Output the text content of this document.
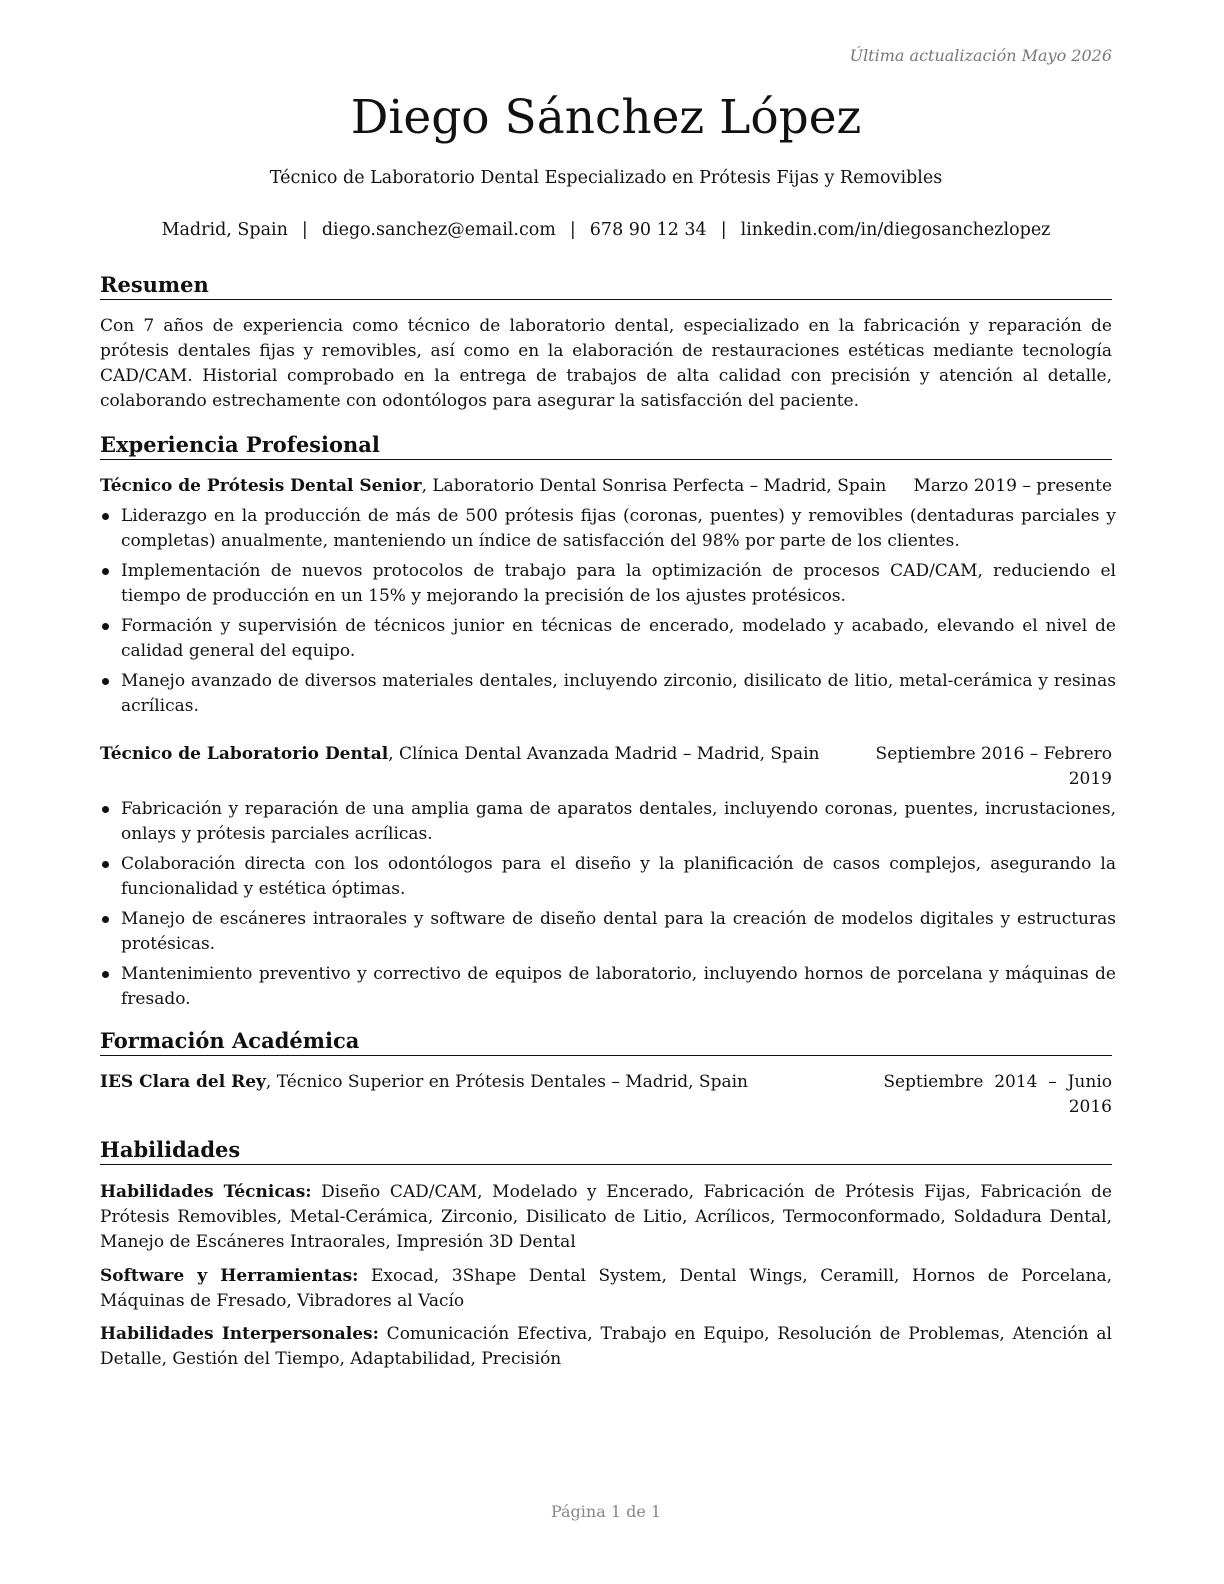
Última actualización Mayo 2026
Diego Sánchez López
Técnico de Laboratorio Dental Especializado en Prótesis Fijas y Removibles
Madrid, Spain | diego.sanchez@email.com | 678 90 12 34 | linkedin.com/in/diegosanchezlopez
Resumen
Con 7 años de experiencia como técnico de laboratorio dental, especializado en la fabricación y reparación de prótesis dentales fijas y removibles, así como en la elaboración de restauraciones estéticas mediante tecnología CAD/CAM. Historial comprobado en la entrega de trabajos de alta calidad con precisión y atención al detalle, colaborando estrechamente con odontólogos para asegurar la satisfacción del paciente.
Experiencia Profesional
Técnico de Prótesis Dental Senior, Laboratorio Dental Sonrisa Perfecta – Madrid, Spain Marzo 2019 – presente
Liderazgo en la producción de más de 500 prótesis fijas (coronas, puentes) y removibles (dentaduras parciales y completas) anualmente, manteniendo un índice de satisfacción del 98% por parte de los clientes.
Implementación de nuevos protocolos de trabajo para la optimización de procesos CAD/CAM, reduciendo el tiempo de producción en un 15% y mejorando la precisión de los ajustes protésicos.
Formación y supervisión de técnicos junior en técnicas de encerado, modelado y acabado, elevando el nivel de calidad general del equipo.
Manejo avanzado de diversos materiales dentales, incluyendo zirconio, disilicato de litio, metal-cerámica y resinas acrílicas.
Técnico de Laboratorio Dental, Clínica Dental Avanzada Madrid – Madrid, Spain	Septiembre 2016 – Febrero
2019
Fabricación y reparación de una amplia gama de aparatos dentales, incluyendo coronas, puentes, incrustaciones, onlays y prótesis parciales acrílicas.
Colaboración directa con los odontólogos para el diseño y la planificación de casos complejos, asegurando la funcionalidad y estética óptimas.
Manejo de escáneres intraorales y software de diseño dental para la creación de modelos digitales y estructuras protésicas.
Mantenimiento preventivo y correctivo de equipos de laboratorio, incluyendo hornos de porcelana y máquinas de fresado.
Formación Académica
IES Clara del Rey, Técnico Superior en Prótesis Dentales – Madrid, Spain	Septiembre  2014  –  Junio
2016
Habilidades
Habilidades Técnicas: Diseño CAD/CAM, Modelado y Encerado, Fabricación de Prótesis Fijas, Fabricación de Prótesis Removibles, Metal-Cerámica, Zirconio, Disilicato de Litio, Acrílicos, Termoconformado, Soldadura Dental, Manejo de Escáneres Intraorales, Impresión 3D Dental
Software y Herramientas: Exocad, 3Shape Dental System, Dental Wings, Ceramill, Hornos de Porcelana, Máquinas de Fresado, Vibradores al Vacío
Habilidades Interpersonales: Comunicación Efectiva, Trabajo en Equipo, Resolución de Problemas, Atención al Detalle, Gestión del Tiempo, Adaptabilidad, Precisión
Página 1 de 1
